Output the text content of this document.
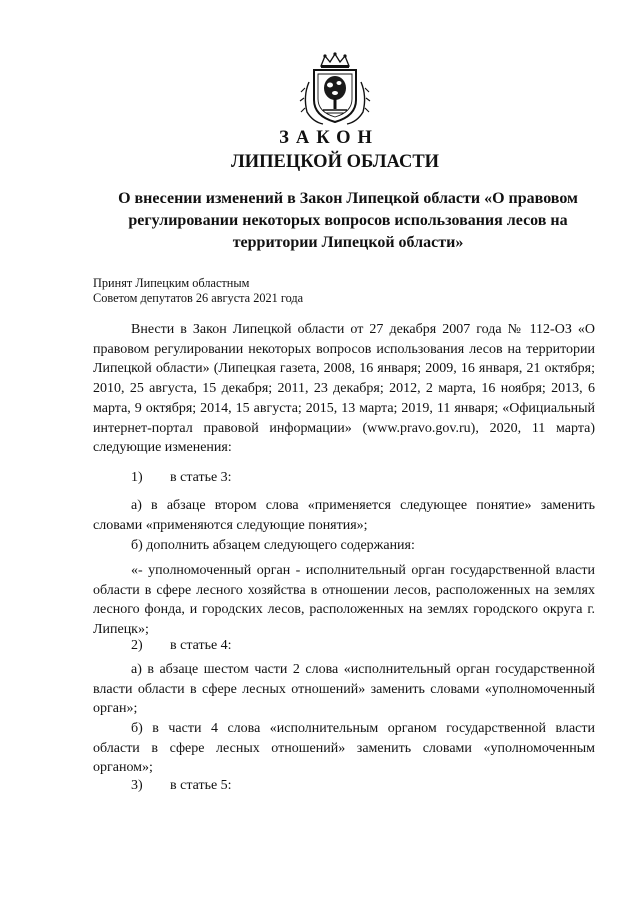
ЗАКОН
ЛИПЕЦКОЙ ОБЛАСТИ
О внесении изменений в Закон Липецкой области «О правовом регулировании некоторых вопросов использования лесов на территории Липецкой области»
Принят Липецким областным
Советом депутатов 26 августа 2021 года

Внести в Закон Липецкой области от 27 декабря 2007 года № 112-ОЗ «О правовом регулировании некоторых вопросов использования лесов на территории Липецкой области» (Липецкая газета, 2008, 16 января; 2009, 16 января, 21 октября; 2010, 25 августа, 15 декабря; 2011, 23 декабря; 2012, 2 марта, 16 ноября; 2013, 6 марта, 9 октября; 2014, 15 августа; 2015, 13 марта; 2019, 11 января; «Официальный интернет-портал правовой информации» (www.pravo.gov.ru), 2020, 11 марта) следующие изменения:

1) в статье 3:

а) в абзаце втором слова «применяется следующее понятие» заменить словами «применяются следующие понятия»;

б) дополнить абзацем следующего содержания:

«- уполномоченный орган - исполнительный орган государственной власти области в сфере лесного хозяйства в отношении лесов, расположенных на землях лесного фонда, и городских лесов, расположенных на землях городского округа г. Липецк»;

2) в статье 4:

а) в абзаце шестом части 2 слова «исполнительный орган государственной власти области в сфере лесных отношений» заменить словами «уполномоченный орган»;

б) в части 4 слова «исполнительным органом государственной власти области в сфере лесных отношений» заменить словами «уполномоченным органом»;

3) в статье 5:
